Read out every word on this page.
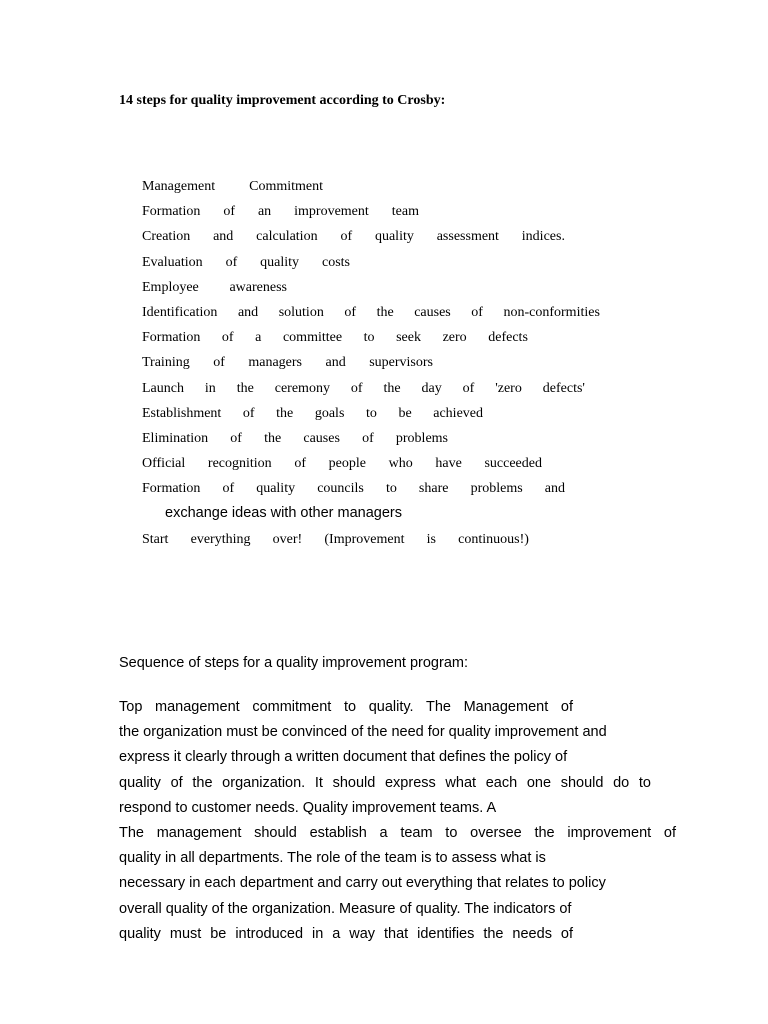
14 steps for quality improvement according to Crosby:
Management Commitment
Formation of an improvement team
Creation and calculation of quality assessment indices.
Evaluation of quality costs
Employee awareness
Identification and solution of the causes of non-conformities
Formation of a committee to seek zero defects
Training of managers and supervisors
Launch in the ceremony of the day of 'zero defects'
Establishment of the goals to be achieved
Elimination of the causes of problems
Official recognition of people who have succeeded
Formation of quality councils to share problems and
exchange ideas with other managers
Start everything over! (Improvement is continuous!)
Sequence of steps for a quality improvement program:
Top management commitment to quality. The Management of
the organization must be convinced of the need for quality improvement and
express it clearly through a written document that defines the policy of
quality of the organization. It should express what each one should do to
respond to customer needs. Quality improvement teams. A
The management should establish a team to oversee the improvement of
quality in all departments. The role of the team is to assess what is
necessary in each department and carry out everything that relates to policy
overall quality of the organization. Measure of quality. The indicators of
quality must be introduced in a way that identifies the needs of
